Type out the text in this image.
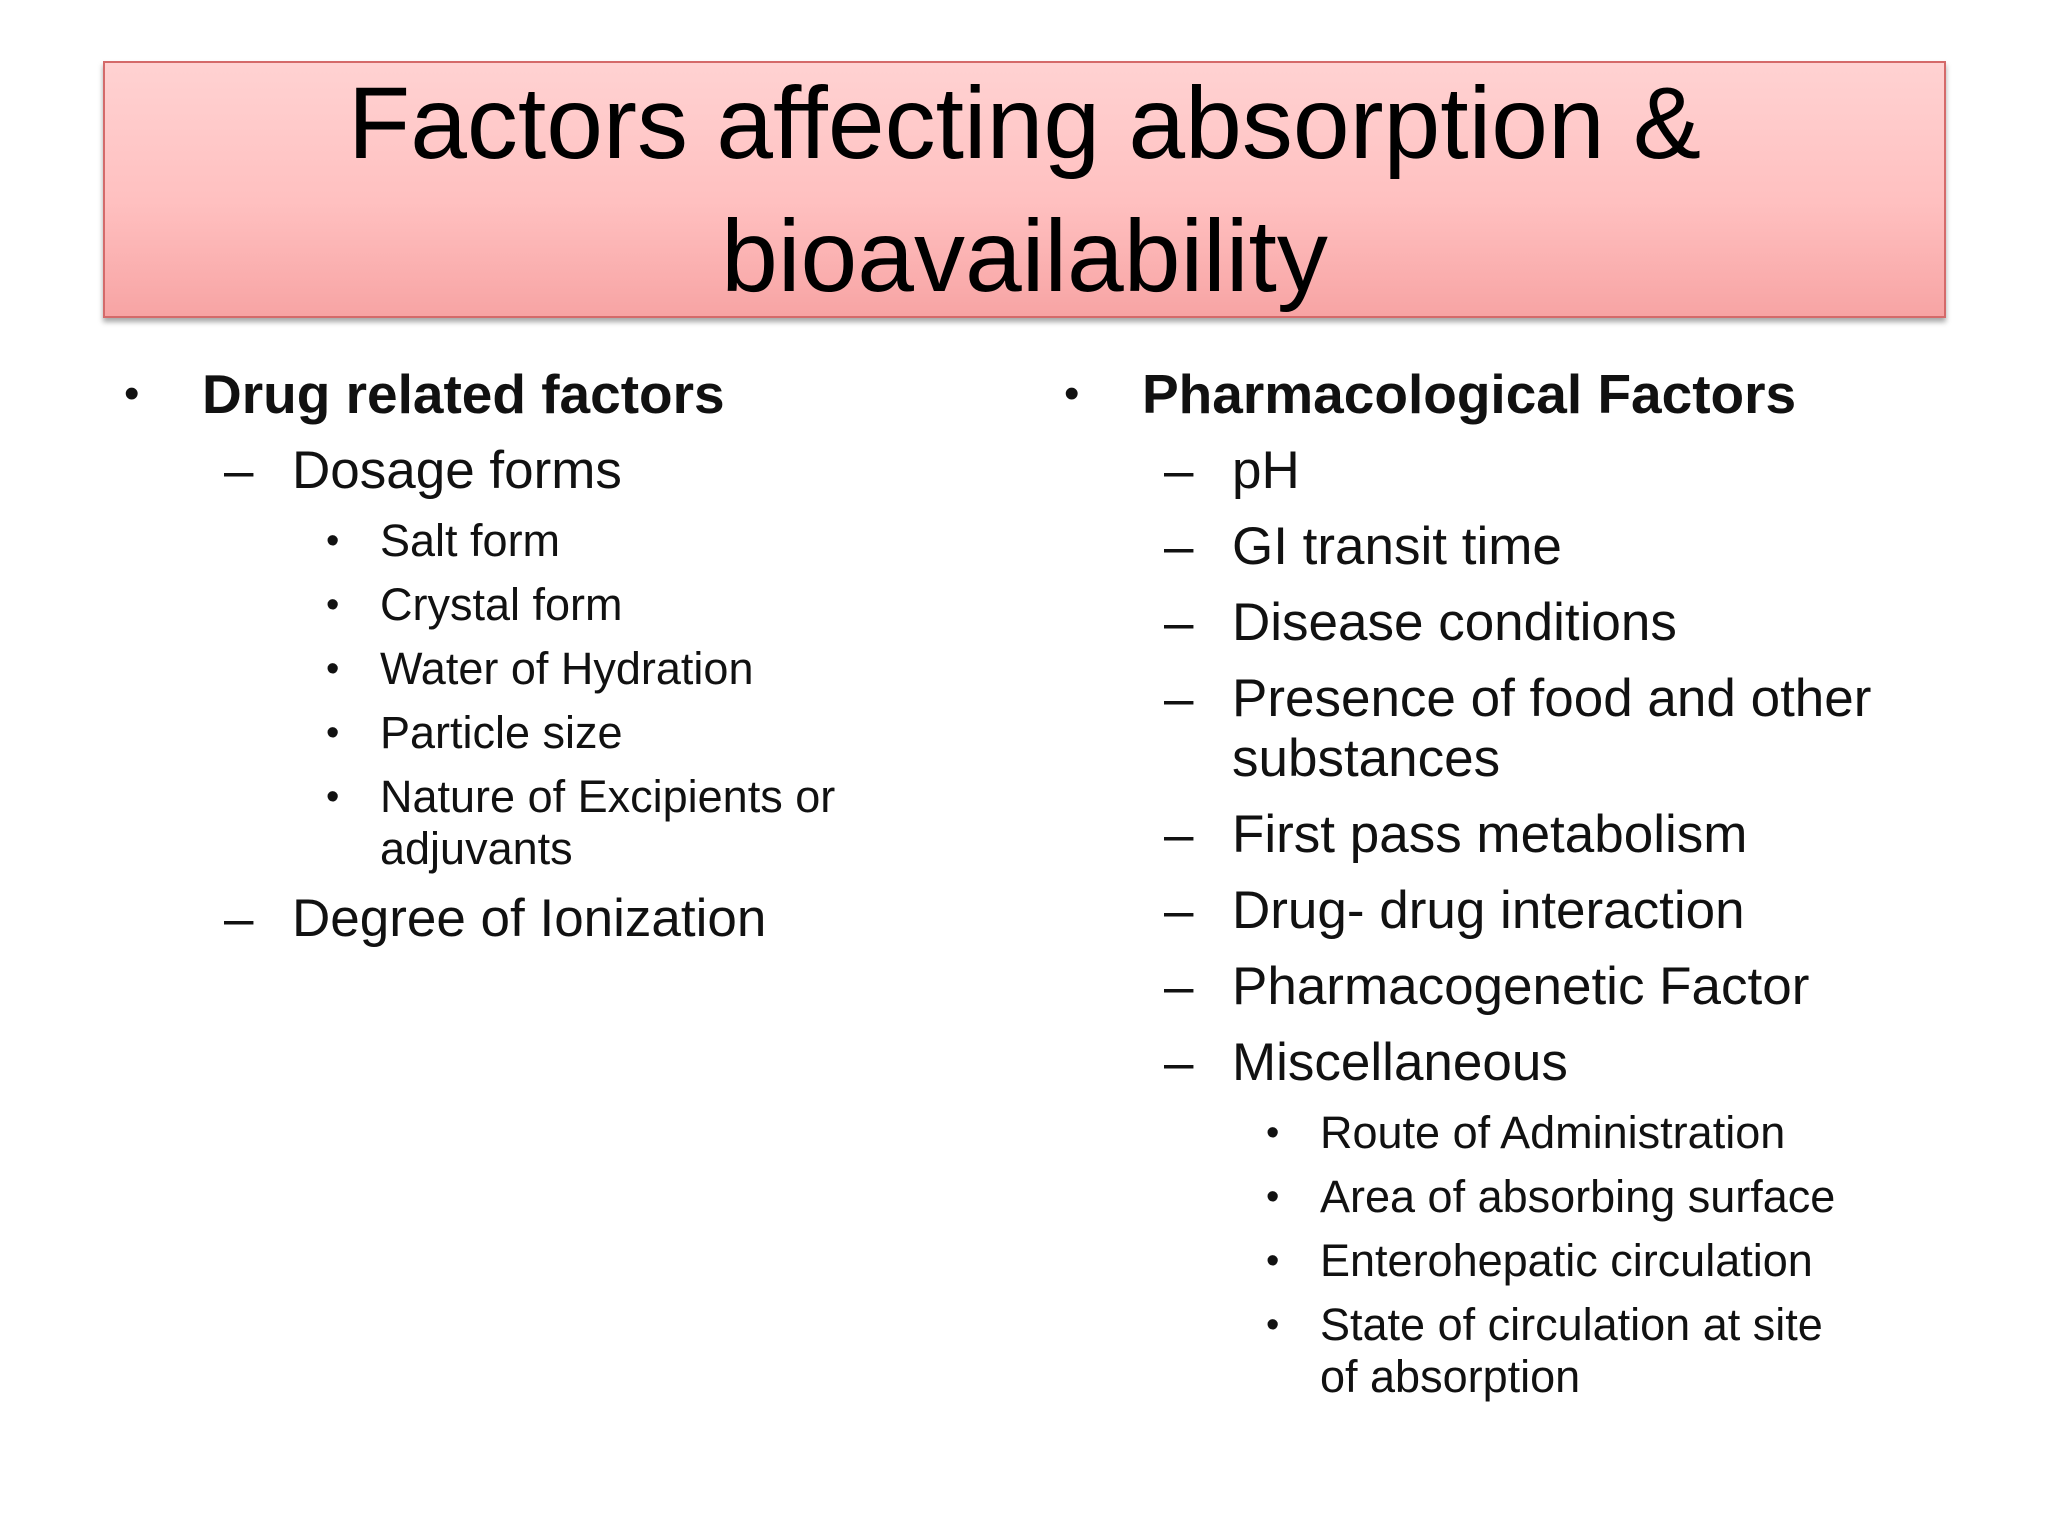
Factors affecting absorption &
bioavailability
• Drug related factors
– Dosage forms
• Salt form
• Crystal form
• Water of Hydration
• Particle size
• Nature of Excipients or
adjuvants
– Degree of Ionization
• Pharmacological Factors
– pH
– GI transit time
– Disease conditions
– Presence of food and other
substances
– First pass metabolism
– Drug- drug interaction
– Pharmacogenetic Factor
– Miscellaneous
• Route of Administration
• Area of absorbing surface
• Enterohepatic circulation
• State of circulation at site
of absorption
